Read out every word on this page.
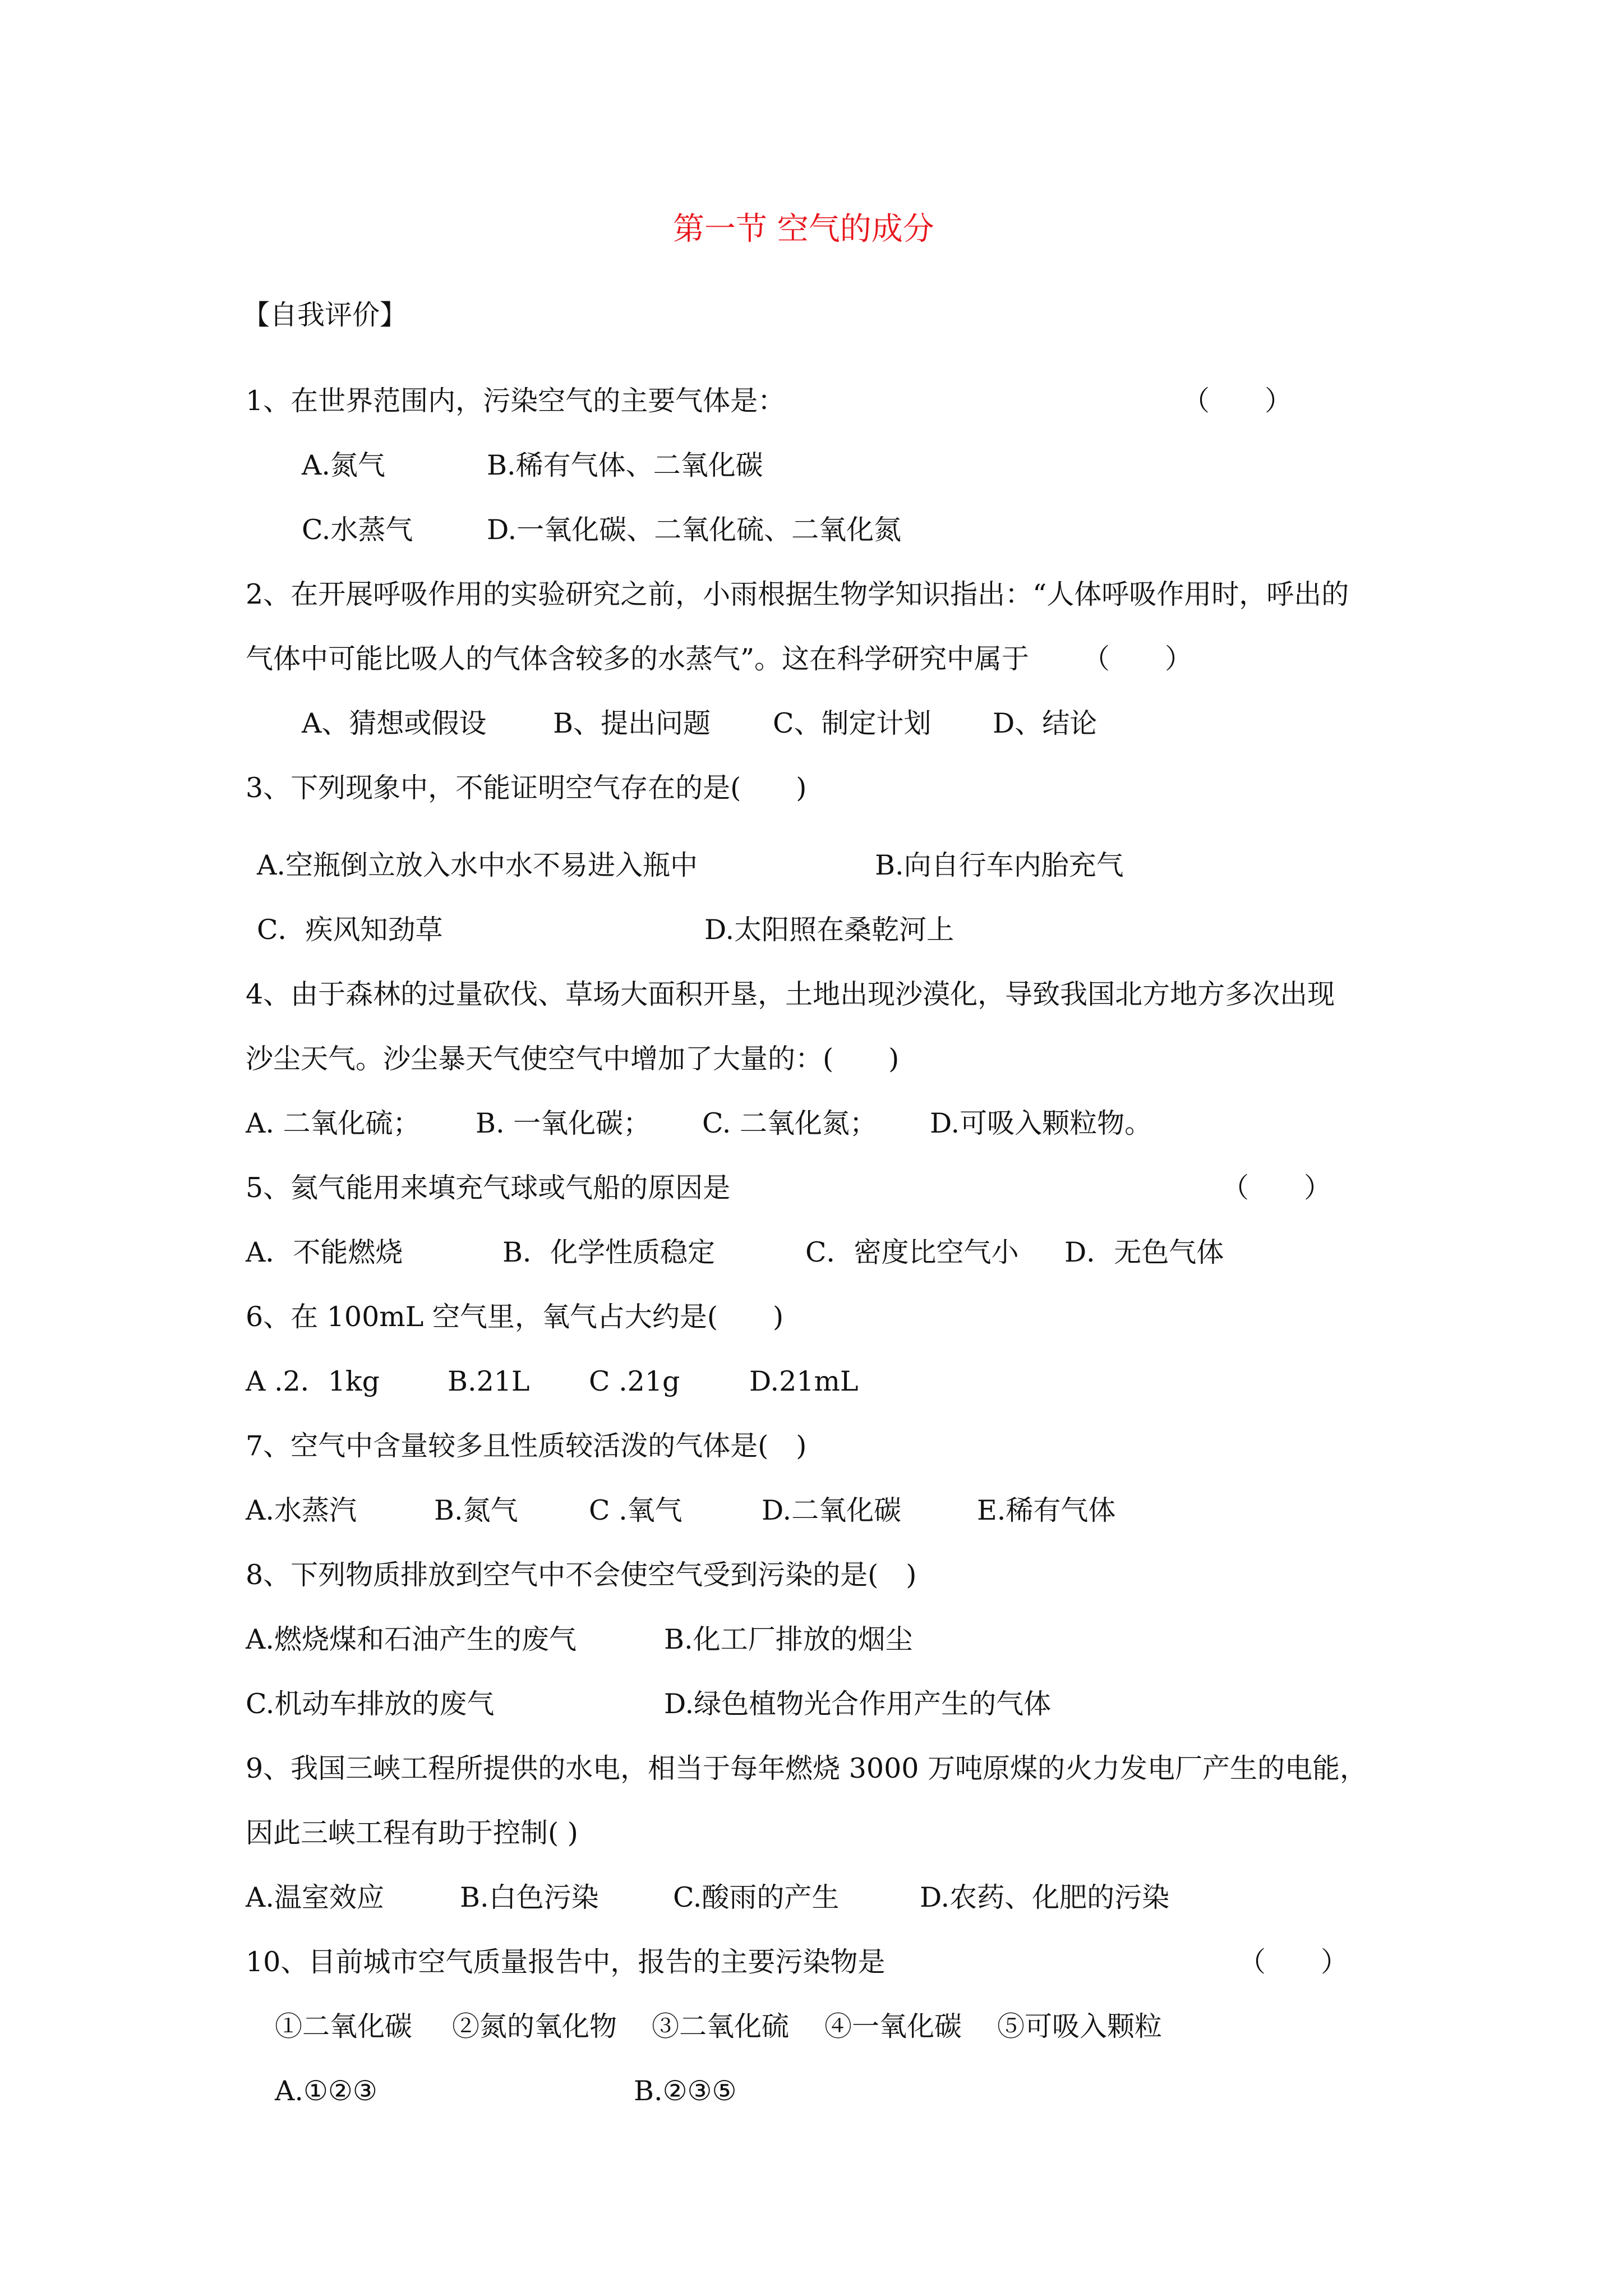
第一节 空气的成分
【自我评价】
1、在世界范围内，污染空气的主要气体是：	（　　）
A.氮气	B.稀有气体、二氧化碳
C.水蒸气	D.一氧化碳、二氧化硫、二氧化氮
2、在开展呼吸作用的实验研究之前，小雨根据生物学知识指出：“人体呼吸作用时，呼出的
气体中可能比吸人的气体含较多的水蒸气”。这在科学研究中属于 （　　）
A、猜想或假设 B、提出问题 C、制定计划 D、结论
3、下列现象中，不能证明空气存在的是(　　)
A.空瓶倒立放入水中水不易进入瓶中	B.向自行车内胎充气
C．疾风知劲草	D.太阳照在桑乾河上
4、由于森林的过量砍伐、草场大面积开垦，土地出现沙漠化，导致我国北方地方多次出现
沙尘天气。沙尘暴天气使空气中增加了大量的：(　　)
A. 二氧化硫； B. 一氧化碳； C. 二氧化氮； D.可吸入颗粒物。
5、氦气能用来填充气球或气船的原因是	（　　）
A．不能燃烧	B．化学性质稳定	C．密度比空气小 D．无色气体
6、在 100mL 空气里，氧气占大约是(　　)
A .2．1kg B.21L C .21g	D.21mL
7、空气中含量较多且性质较活泼的气体是(　)
A.水蒸汽	B.氮气	C .氧气	D.二氧化碳	E.稀有气体
8、下列物质排放到空气中不会使空气受到污染的是(　)
A.燃烧煤和石油产生的废气	B.化工厂排放的烟尘
C.机动车排放的废气	D.绿色植物光合作用产生的气体
9、我国三峡工程所提供的水电，相当于每年燃烧 3000 万吨原煤的火力发电厂产生的电能，
因此三峡工程有助于控制( )
A.温室效应	B.白色污染	C.酸雨的产生	D.农药、化肥的污染
10、目前城市空气质量报告中，报告的主要污染物是	（　　）
①二氧化碳 ②氮的氧化物 ③二氧化硫 ④一氧化碳 ⑤可吸入颗粒
A.①②③	B.②③⑤
